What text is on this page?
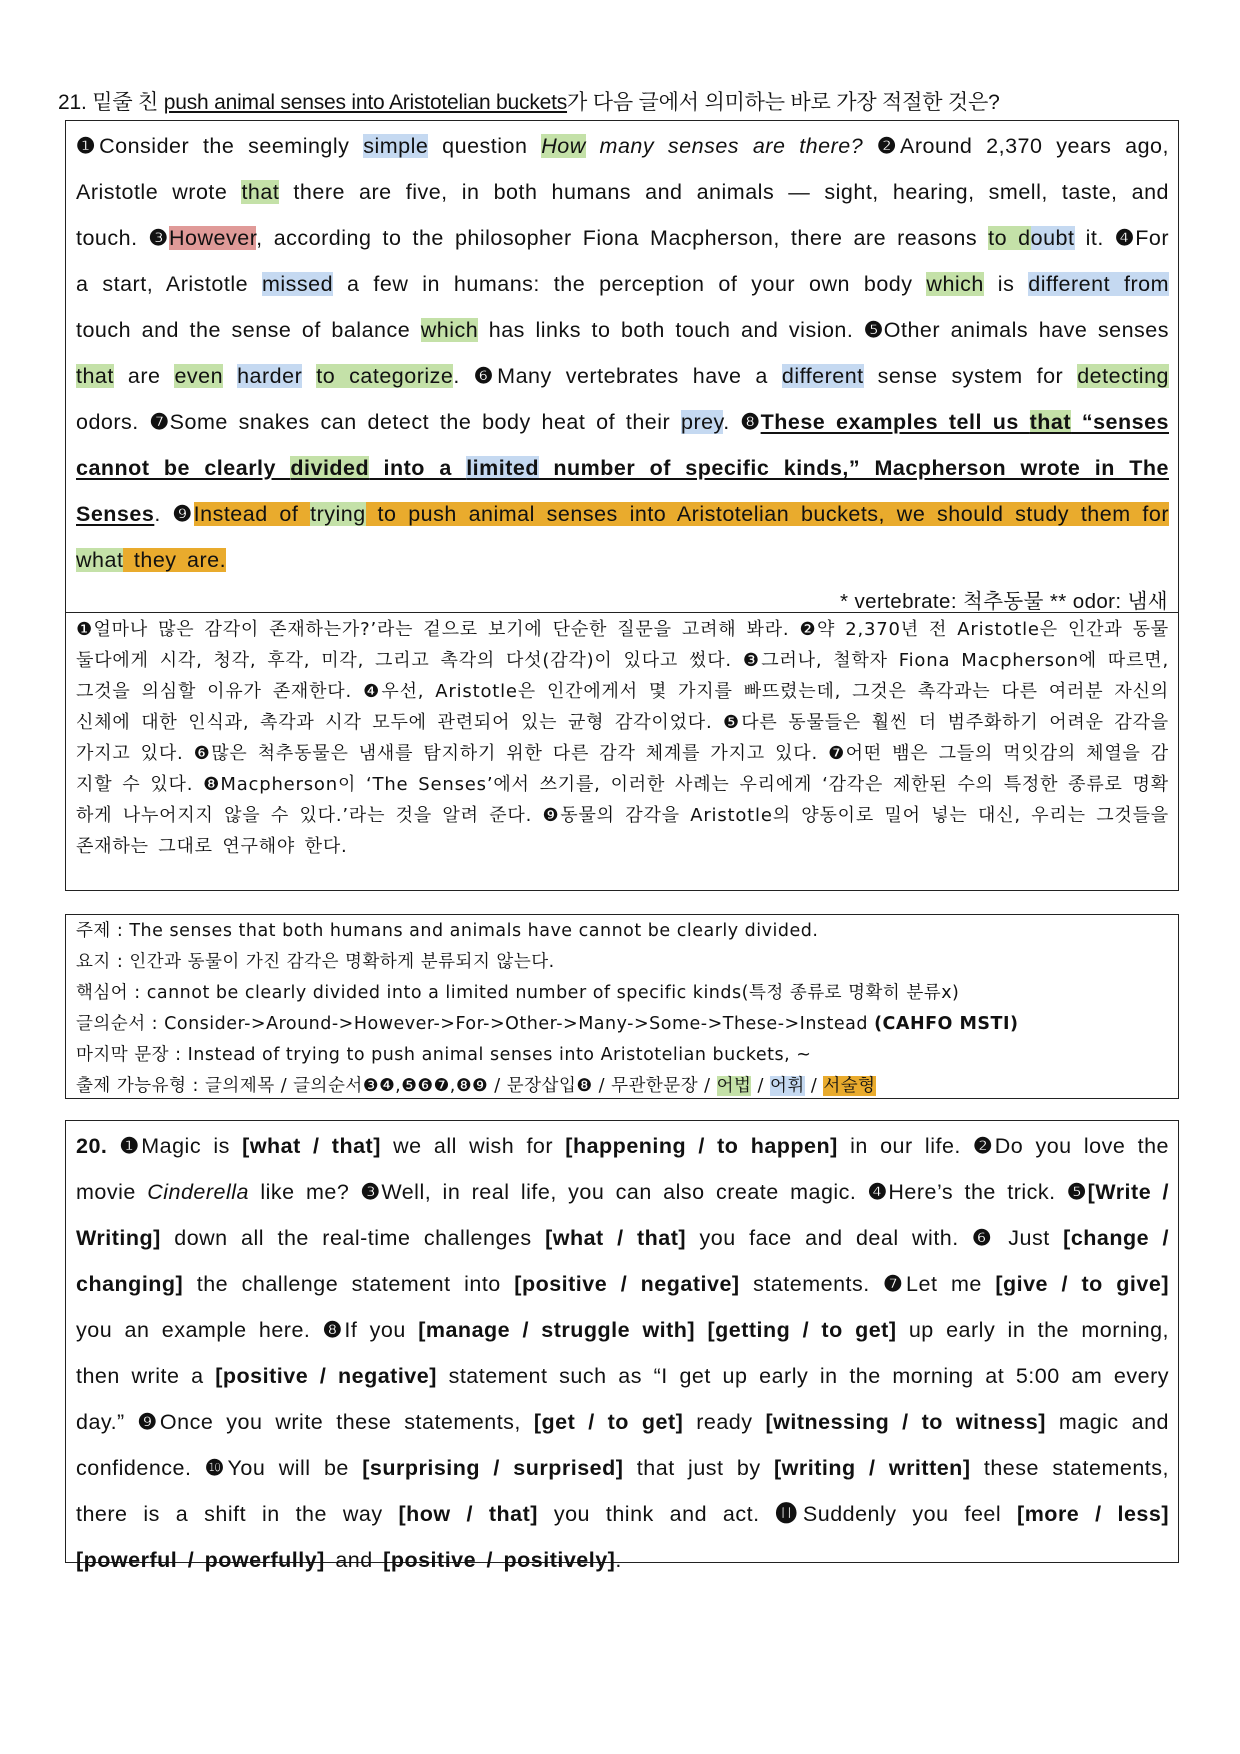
21. 밑줄 친 push animal senses into Aristotelian buckets가 다음 글에서 의미하는 바로 가장 적절한 것은?

❶Consider the seemingly simple question How many senses are there? ❷Around 2,370 years ago, Aristotle wrote that there are five, in both humans and animals — sight, hearing, smell, taste, and touch. ❸However, according to the philosopher Fiona Macpherson, there are reasons to doubt it. ❹For a start, Aristotle missed a few in humans: the perception of your own body which is different from touch and the sense of balance which has links to both touch and vision. ❺Other animals have senses that are even harder to categorize. ❻Many vertebrates have a different sense system for detecting odors. ❼Some snakes can detect the body heat of their prey. ❽These examples tell us that “senses cannot be clearly divided into a limited number of specific kinds,” Macpherson wrote in The Senses. ❾Instead of trying to push animal senses into Aristotelian buckets, we should study them for what they are.

* vertebrate: 척추동물 ** odor: 냄새

❶얼마나 많은 감각이 존재하는가?’라는 겉으로 보기에 단순한 질문을 고려해 봐라. ❷약 2,370년 전 Aristotle은 인간과 동물 둘다에게 시각, 청각, 후각, 미각, 그리고 촉각의 다섯(감각)이 있다고 썼다. ❸그러나, 철학자 Fiona Macpherson에 따르면, 그것을 의심할 이유가 존재한다. ❹우선, Aristotle은 인간에게서 몇 가지를 빠뜨렸는데, 그것은 촉각과는 다른 여러분 자신의 신체에 대한 인식과, 촉각과 시각 모두에 관련되어 있는 균형 감각이었다. ❺다른 동물들은 훨씬 더 범주화하기 어려운 감각을 가지고 있다. ❻많은 척추동물은 냄새를 탐지하기 위한 다른 감각 체계를 가지고 있다. ❼어떤 뱀은 그들의 먹잇감의 체열을 감지할 수 있다. ❽Macpherson이 ‘The Senses’에서 쓰기를, 이러한 사례는 우리에게 ‘감각은 제한된 수의 특정한 종류로 명확하게 나누어지지 않을 수 있다.’라는 것을 알려 준다. ❾동물의 감각을 Aristotle의 양동이로 밀어 넣는 대신, 우리는 그것들을 존재하는 그대로 연구해야 한다.

주제 : The senses that both humans and animals have cannot be clearly divided.
요지 : 인간과 동물이 가진 감각은 명확하게 분류되지 않는다.
핵심어 : cannot be clearly divided into a limited number of specific kinds(특정 종류로 명확히 분류x)
글의순서 : Consider->Around->However->For->Other->Many->Some->These->Instead (CAHFO MSTI)
마지막 문장 : Instead of trying to push animal senses into Aristotelian buckets, ~
출제 가능유형 : 글의제목 / 글의순서❸❹,❺❻❼,❽❾ / 문장삽입❽ / 무관한문장 / 어법 / 어휘 / 서술형

20. ❶Magic is [what / that] we all wish for [happening / to happen] in our life. ❷Do you love the movie Cinderella like me? ❸Well, in real life, you can also create magic. ❹Here’s the trick. ❺[Write / Writing] down all the real-time challenges [what / that] you face and deal with. ❻ Just [change / changing] the challenge statement into [positive / negative] statements. ❼Let me [give / to give] you an example here. ❽If you [manage / struggle with] [getting / to get] up early in the morning, then write a [positive / negative] statement such as “I get up early in the morning at 5:00 am every day.” ❾Once you write these statements, [get / to get] ready [witnessing / to witness] magic and confidence. ❿You will be [surprising / surprised] that just by [writing / written] these statements, there is a shift in the way [how / that] you think and act. ⓫Suddenly you feel [more / less] [powerful / powerfully] and [positive / positively].
